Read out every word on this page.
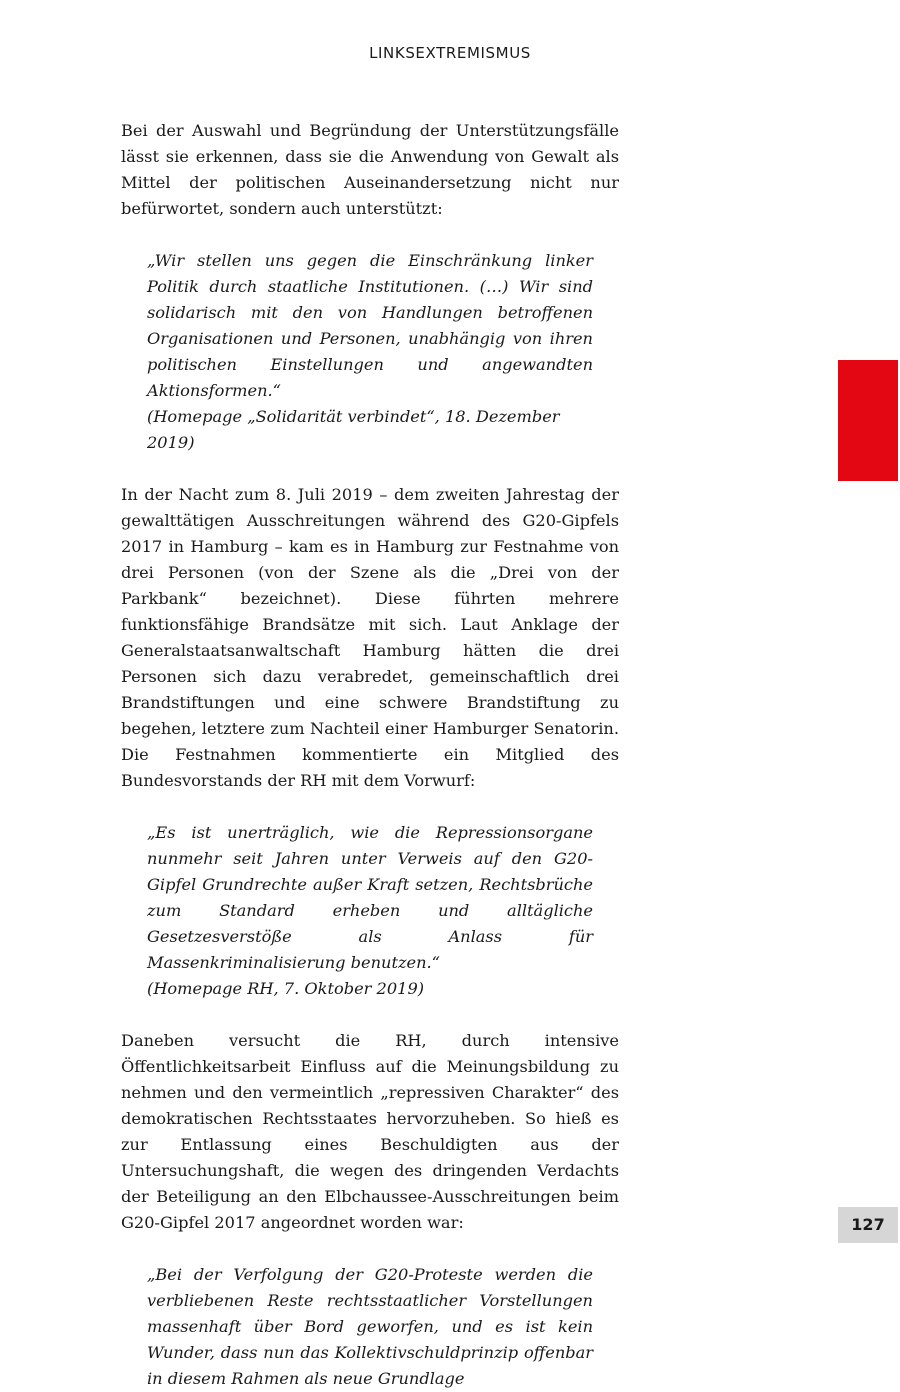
LINKSEXTREMISMUS

Bei der Auswahl und Begründung der Unterstützungsfälle lässt sie erkennen, dass sie die Anwendung von Gewalt als Mittel der politischen Auseinandersetzung nicht nur befürwortet, sondern auch unterstützt:

„Wir stellen uns gegen die Einschränkung linker Politik durch staatliche Institutionen. (…) Wir sind solidarisch mit den von Handlungen betroffenen Organisationen und Personen, unabhängig von ihren politischen Einstellungen und angewandten Aktionsformen.“

(Homepage „Solidarität verbindet“, 18. Dezember 2019)

In der Nacht zum 8. Juli 2019 – dem zweiten Jahrestag der gewalttätigen Ausschreitungen während des G20-Gipfels 2017 in Hamburg – kam es in Hamburg zur Festnahme von drei Personen (von der Szene als die „Drei von der Parkbank“ bezeichnet). Diese führten mehrere funktionsfähige Brandsätze mit sich. Laut Anklage der Generalstaatsanwaltschaft Hamburg hätten die drei Personen sich dazu verabredet, gemeinschaftlich drei Brandstiftungen und eine schwere Brandstiftung zu begehen, letztere zum Nachteil einer Hamburger Senatorin. Die Festnahmen kommentierte ein Mitglied des Bundesvorstands der RH mit dem Vorwurf:

„Es ist unerträglich, wie die Repressionsorgane nunmehr seit Jahren unter Verweis auf den G20-Gipfel Grundrechte außer Kraft setzen, Rechtsbrüche zum Standard erheben und alltägliche Gesetzesverstöße als Anlass für Massenkriminalisierung benutzen.“

(Homepage RH, 7. Oktober 2019)

Daneben versucht die RH, durch intensive Öffentlichkeitsarbeit Einfluss auf die Meinungsbildung zu nehmen und den vermeintlich „repressiven Charakter“ des demokratischen Rechtsstaates hervorzuheben. So hieß es zur Entlassung eines Beschuldigten aus der Untersuchungshaft, die wegen des dringenden Verdachts der Beteiligung an den Elbchaussee-Ausschreitungen beim G20-Gipfel 2017 angeordnet worden war:

„Bei der Verfolgung der G20-Proteste werden die verbliebenen Reste rechtsstaatlicher Vorstellungen massenhaft über Bord geworfen, und es ist kein Wunder, dass nun das Kollektivschuldprinzip offenbar in diesem Rahmen als neue Grundlage

127
